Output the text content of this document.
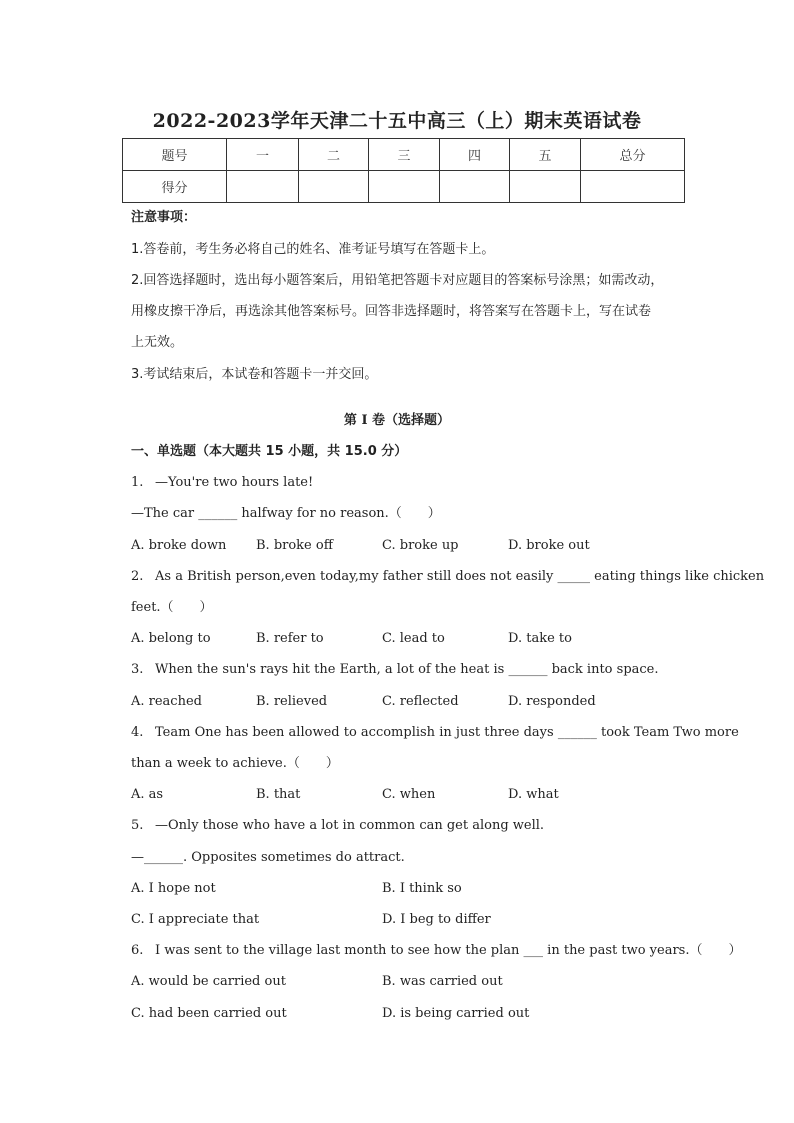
2022-2023学年天津二十五中高三（上）期末英语试卷
题号	一	二	三	四	五	总分
得分						
注意事项：
1.答卷前，考生务必将自己的姓名、准考证号填写在答题卡上。
2.回答选择题时，选出每小题答案后，用铅笔把答题卡对应题目的答案标号涂黑；如需改动，
用橡皮擦干净后，再选涂其他答案标号。回答非选择题时，将答案写在答题卡上，写在试卷
上无效。
3.考试结束后，本试卷和答题卡一并交回。
第 I 卷（选择题）
一、单选题（本大题共 15 小题，共 15.0 分）
1. —You're two hours late!
—The car ______ halfway for no reason.（　　）
A. broke down B. broke off	C. broke up	D. broke out
2. As a British person,even today,my father still does not easily _____ eating things like chicken
feet.（　　）
A. belong to	B. refer to	C. lead to	D. take to
3. When the sun's rays hit the Earth, a lot of the heat is ______ back into space.
A. reached	B. relieved	C. reflected	D. responded
4. Team One has been allowed to accomplish in just three days ______ took Team Two more
than a week to achieve.（　　）
A. as	B. that	C. when	D. what
5. —Only those who have a lot in common can get along well.
—______. Opposites sometimes do attract.
A. I hope not	B. I think so
C. I appreciate that	D. I beg to differ
6. I was sent to the village last month to see how the plan ___ in the past two years.（　　）
A. would be carried out	B. was carried out
C. had been carried out	D. is being carried out
